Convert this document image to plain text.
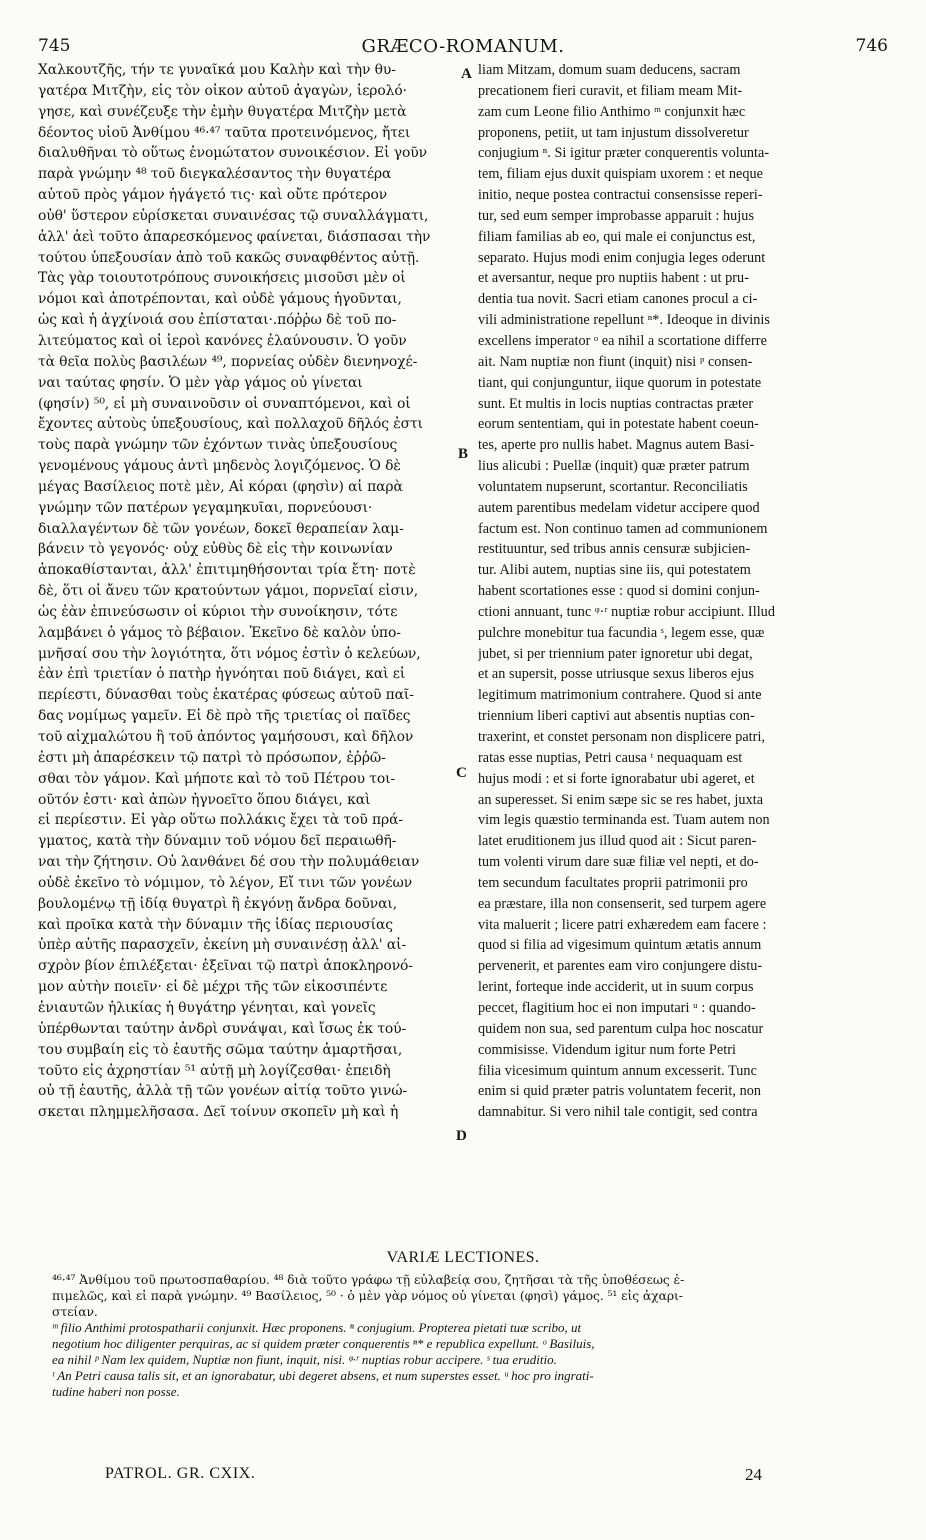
745	GRÆCO-ROMANUM.	746
Χαλκουτζῆς, τήν τε γυναῖκά μου Καλὴν καὶ τὴν θυ-
γατέρα Μιτζὴν, εἰς τὸν οἶκον αὐτοῦ ἀγαγὼν, ἱερολό·
γησε, καὶ συνέζευξε τὴν ἐμὴν θυγατέρα Μιτζὴν μετὰ
δέοντος υἱοῦ Ἀνθίμου ⁴⁶·⁴⁷ ταῦτα προτεινόμενος, ἤτει
διαλυθῆναι τὸ οὕτως ἐνομώτατον συνοικέσιον. Εἰ γοῦν
παρὰ γνώμην ⁴⁸ τοῦ διεγκαλέσαντος τὴν θυγατέρα
αὐτοῦ πρὸς γάμον ἠγάγετό τις· καὶ οὔτε πρότερον
οὐθ' ὕστερον εὑρίσκεται συναινέσας τῷ συναλλάγματι,
ἀλλ' ἀεὶ τοῦτο ἀπαρεσκόμενος φαίνεται, διάσπασαι τὴν
τούτου ὑπεξουσίαν ἀπὸ τοῦ κακῶς συναφθέντος αὐτῇ.
Τὰς γὰρ τοιουτοτρόπους συνοικήσεις μισοῦσι μὲν οἱ
νόμοι καὶ ἀποτρέπονται, καὶ οὐδὲ γάμους ἡγοῦνται,
ὡς καὶ ἡ ἀγχίνοιά σου ἐπίσταται·.πόῤῥω δὲ τοῦ πο-
λιτεύματος καὶ οἱ ἱεροὶ κανόνες ἐλαύνουσιν. Ὁ γοῦν
τὰ θεῖα πολὺς βασιλέων ⁴⁹, πορνείας οὐδὲν διενηνοχέ-
ναι ταύτας φησίν. Ὁ μὲν γὰρ γάμος οὐ γίνεται
(φησίν) ⁵⁰, εἰ μὴ συναινοῦσιν οἱ συναπτόμενοι, καὶ οἱ
ἔχοντες αὐτοὺς ὑπεξουσίους, καὶ πολλαχοῦ δῆλός ἐστι
τοὺς παρὰ γνώμην τῶν ἐχόντων τινὰς ὑπεξουσίους
γενομένους γάμους ἀντὶ μηδενὸς λογιζόμενος. Ὁ δὲ
μέγας Βασίλειος ποτὲ μὲν, Αἱ κόραι (φησὶν) αἱ παρὰ
γνώμην τῶν πατέρων γεγαμηκυῖαι, πορνεύουσι·
διαλλαγέντων δὲ τῶν γονέων, δοκεῖ θεραπείαν λαμ-
βάνειν τὸ γεγονός· οὐχ εὐθὺς δὲ εἰς τὴν κοινωνίαν
ἀποκαθίστανται, ἀλλ' ἐπιτιμηθήσονται τρία ἔτη· ποτὲ
δὲ, ὅτι οἱ ἄνευ τῶν κρατούντων γάμοι, πορνεῖαί εἰσιν,
ὡς ἐὰν ἐπινεύσωσιν οἱ κύριοι τὴν συνοίκησιν, τότε
λαμβάνει ὁ γάμος τὸ βέβαιον. Ἐκεῖνο δὲ καλὸν ὑπο-
μνῆσαί σου τὴν λογιότητα, ὅτι νόμος ἐστὶν ὁ κελεύων,
ἐὰν ἐπὶ τριετίαν ὁ πατὴρ ἠγνόηται ποῦ διάγει, καὶ εἰ
περίεστι, δύνασθαι τοὺς ἑκατέρας φύσεως αὐτοῦ παῖ-
δας νομίμως γαμεῖν. Εἰ δὲ πρὸ τῆς τριετίας οἱ παῖδες
τοῦ αἰχμαλώτου ἢ τοῦ ἀπόντος γαμήσουσι, καὶ δῆλον
ἐστι μὴ ἀπαρέσκειν τῷ πατρὶ τὸ πρόσωπον, ἐῤῥῶ-
σθαι τὸν γάμον. Καὶ μήποτε καὶ τὸ τοῦ Πέτρου τοι-
οῦτόν ἐστι· καὶ ἀπὼν ἠγνοεῖτο ὅπου διάγει, καὶ
εἰ περίεστιν. Εἰ γὰρ οὕτω πολλάκις ἔχει τὰ τοῦ πρά-
γματος, κατὰ τὴν δύναμιν τοῦ νόμου δεῖ περαιωθῆ-
ναι τὴν ζήτησιν. Οὐ λανθάνει δέ σου τὴν πολυμάθειαν
οὐδὲ ἐκεῖνο τὸ νόμιμον, τὸ λέγον, Εἴ τινι τῶν γονέων
βουλομένῳ τῇ ἰδίᾳ θυγατρὶ ἢ ἐκγόνῃ ἄνδρα δοῦναι,
καὶ προῖκα κατὰ τὴν δύναμιν τῆς ἰδίας περιουσίας
ὑπὲρ αὐτῆς παρασχεῖν, ἐκείνη μὴ συναινέσῃ ἀλλ' αἰ-
σχρὸν βίον ἐπιλέξεται· ἐξεῖναι τῷ πατρὶ ἀποκληρονό-
μον αὐτὴν ποιεῖν· εἰ δὲ μέχρι τῆς τῶν εἰκοσιπέντε
ἐνιαυτῶν ἡλικίας ἡ θυγάτηρ γένηται, καὶ γονεῖς
ὑπέρθωνται ταύτην ἀνδρὶ συνάψαι, καὶ ἴσως ἐκ τού-
του συμβαίη εἰς τὸ ἑαυτῆς σῶμα ταύτην ἁμαρτῆσαι,
τοῦτο εἰς ἀχρηστίαν ⁵¹ αὐτῇ μὴ λογίζεσθαι· ἐπειδὴ
οὐ τῇ ἑαυτῆς, ἀλλὰ τῇ τῶν γονέων αἰτίᾳ τοῦτο γινώ-
σκεται πλημμελῆσασα. Δεῖ τοίνυν σκοπεῖν μὴ καὶ ἡ
liam Mitzam, domum suam deducens, sacram
precationem fieri curavit, et filiam meam Mit-
zam cum Leone filio Anthimo ᵐ conjunxit hæc
proponens, petiit, ut tam injustum dissolveretur
conjugium ⁿ. Si igitur præter conquerentis volunta-
tem, filiam ejus duxit quispiam uxorem : et neque
initio, neque postea contractui consensisse reperi-
tur, sed eum semper improbasse apparuit : hujus
filiam familias ab eo, qui male ei conjunctus est,
separato. Hujus modi enim conjugia leges oderunt
et aversantur, neque pro nuptiis habent : ut pru-
dentia tua novit. Sacri etiam canones procul a ci-
vili administratione repellunt ⁿ*. Ideoque in divinis
excellens imperator ᵒ ea nihil a scortatione differre
ait. Nam nuptiæ non fiunt (inquit) nisi ᵖ consen-
tiant, qui conjunguntur, iique quorum in potestate
sunt. Et multis in locis nuptias contractas præter
eorum sententiam, qui in potestate habent coeun-
tes, aperte pro nullis habet. Magnus autem Basi-
lius alicubi : Puellæ (inquit) quæ præter patrum
voluntatem nupserunt, scortantur. Reconciliatis
autem parentibus medelam videtur accipere quod
factum est. Non continuo tamen ad communionem
restituuntur, sed tribus annis censuræ subjicien-
tur. Alibi autem, nuptias sine iis, qui potestatem
habent scortationes esse : quod si domini conjun-
ctioni annuant, tunc ᵠ·ʳ nuptiæ robur accipiunt. Illud
pulchre monebitur tua facundia ˢ, legem esse, quæ
jubet, si per triennium pater ignoretur ubi degat,
et an supersit, posse utriusque sexus liberos ejus
legitimum matrimonium contrahere. Quod si ante
triennium liberi captivi aut absentis nuptias con-
traxerint, et constet personam non displicere patri,
ratas esse nuptias, Petri causa ᵗ nequaquam est
hujus modi : et si forte ignorabatur ubi ageret, et
an superesset. Si enim sæpe sic se res habet, juxta
vim legis quæstio terminanda est. Tuam autem non
latet eruditionem jus illud quod ait : Sicut paren-
tum volenti virum dare suæ filiæ vel nepti, et do-
tem secundum facultates proprii patrimonii pro
ea præstare, illa non consenserit, sed turpem agere
vita maluerit ; licere patri exhæredem eam facere :
quod si filia ad vigesimum quintum ætatis annum
pervenerit, et parentes eam viro conjungere distu-
lerint, forteque inde acciderit, ut in suum corpus
peccet, flagitium hoc ei non imputari ᵘ : quando-
quidem non sua, sed parentum culpa hoc noscatur
commisisse. Videndum igitur num forte Petri
filia vicesimum quintum annum excesserit. Tunc
enim si quid præter patris voluntatem fecerit, non
damnabitur. Si vero nihil tale contigit, sed contra
A
B
C
D
VARIÆ LECTIONES.
⁴⁶·⁴⁷ Ἀνθίμου τοῦ πρωτοσπαθαρίου. ⁴⁸ διὰ τοῦτο γράφω τῇ εὐλαβείᾳ σου, ζητῆσαι τὰ τῆς ὑποθέσεως ἐ-
πιμελῶς, καὶ εἰ παρὰ γνώμην. ⁴⁹ Βασίλειος, ⁵⁰ · ὁ μὲν γὰρ νόμος οὐ γίνεται (φησὶ) γάμος. ⁵¹ εἰς ἀχαρι-
στείαν.
ᵐ filio Anthimi protospatharii conjunxit. Hæc proponens. ⁿ conjugium. Propterea pietati tuæ scribo, ut
negotium hoc diligenter perquiras, ac si quidem præter conquerentis ⁿ* e republica expellunt. ᵒ Basiluis,
ea nihil ᵖ Nam lex quidem, Nuptiæ non fiunt, inquit, nisi. ᵠ·ʳ nuptias robur accipere. ˢ tua eruditio.
ᵗ An Petri causa talis sit, et an ignorabatur, ubi degeret absens, et num superstes esset. ᵘ hoc pro ingrati-
tudine haberi non posse.
PATROL. GR. CXIX.	24
